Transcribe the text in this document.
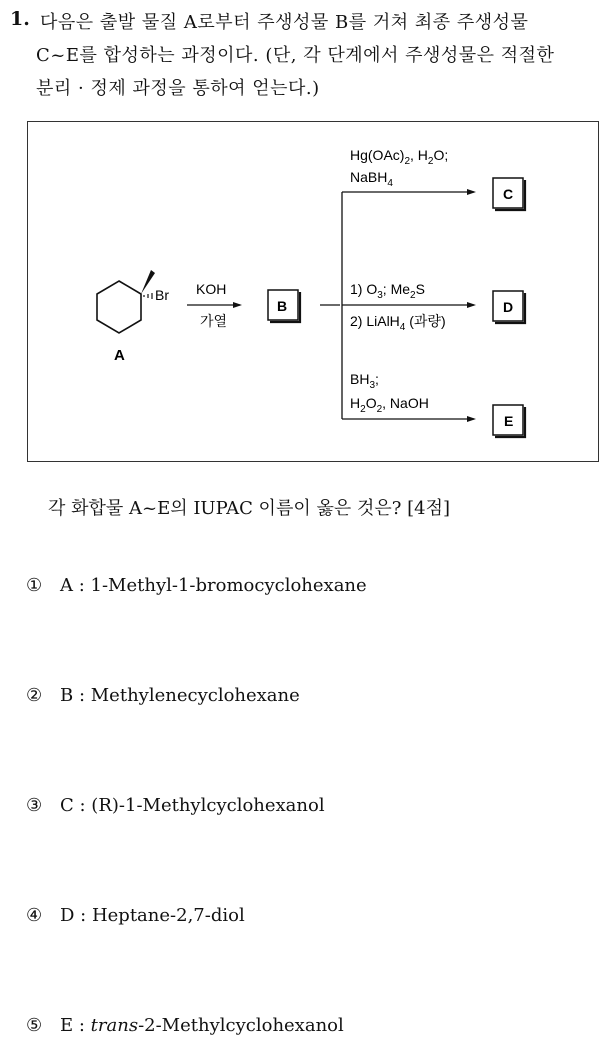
1. 다음은 출발 물질 A로부터 주생성물 B를 거쳐 최종 주생성물
C~E를 합성하는 과정이다. (단, 각 단계에서 주생성물은 적절한
분리 · 정제 과정을 통하여 얻는다.)
Br
A
KOH
가열
B
$Hg(OAc)_2$, $H_2O$;
NaBH$_4$
C
1) $O_3$; $Me_2S$
2) LiAlH$_4$ (과량)
D
$BH_3$;
$H_2O_2$, NaOH
E
각 화합물 A~E의 IUPAC 이름이 옳은 것은? [4점]
① A : 1-Methyl-1-bromocyclohexane
② B : Methylenecyclohexane
③ C : (R)-1-Methylcyclohexanol
④ D : Heptane-2,7-diol
⑤ E : trans-2-Methylcyclohexanol
